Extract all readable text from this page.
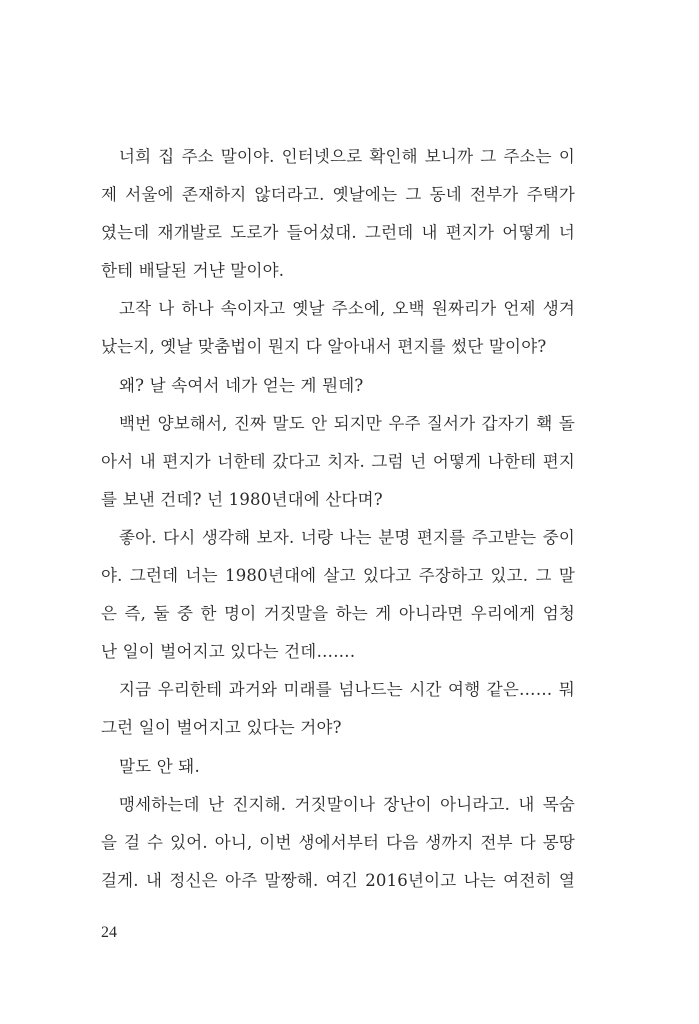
너희 집 주소 말이야. 인터넷으로 확인해 보니까 그 주소는 이
제 서울에 존재하지 않더라고. 옛날에는 그 동네 전부가 주택가
였는데 재개발로 도로가 들어섰대. 그런데 내 편지가 어떻게 너
한테 배달된 거냔 말이야.
고작 나 하나 속이자고 옛날 주소에, 오백 원짜리가 언제 생겨
났는지, 옛날 맞춤법이 뭔지 다 알아내서 편지를 썼단 말이야?
왜? 날 속여서 네가 얻는 게 뭔데?
백번 양보해서, 진짜 말도 안 되지만 우주 질서가 갑자기 홱 돌
아서 내 편지가 너한테 갔다고 치자. 그럼 넌 어떻게 나한테 편지
를 보낸 건데? 넌 1980년대에 산다며?
좋아. 다시 생각해 보자. 너랑 나는 분명 편지를 주고받는 중이
야. 그런데 너는 1980년대에 살고 있다고 주장하고 있고. 그 말
은 즉, 둘 중 한 명이 거짓말을 하는 게 아니라면 우리에게 엄청
난 일이 벌어지고 있다는 건데…….
지금 우리한테 과거와 미래를 넘나드는 시간 여행 같은…… 뭐
그런 일이 벌어지고 있다는 거야?
말도 안 돼.
맹세하는데 난 진지해. 거짓말이나 장난이 아니라고. 내 목숨
을 걸 수 있어. 아니, 이번 생에서부터 다음 생까지 전부 다 몽땅
걸게. 내 정신은 아주 말짱해. 여긴 2016년이고 나는 여전히 열
24
